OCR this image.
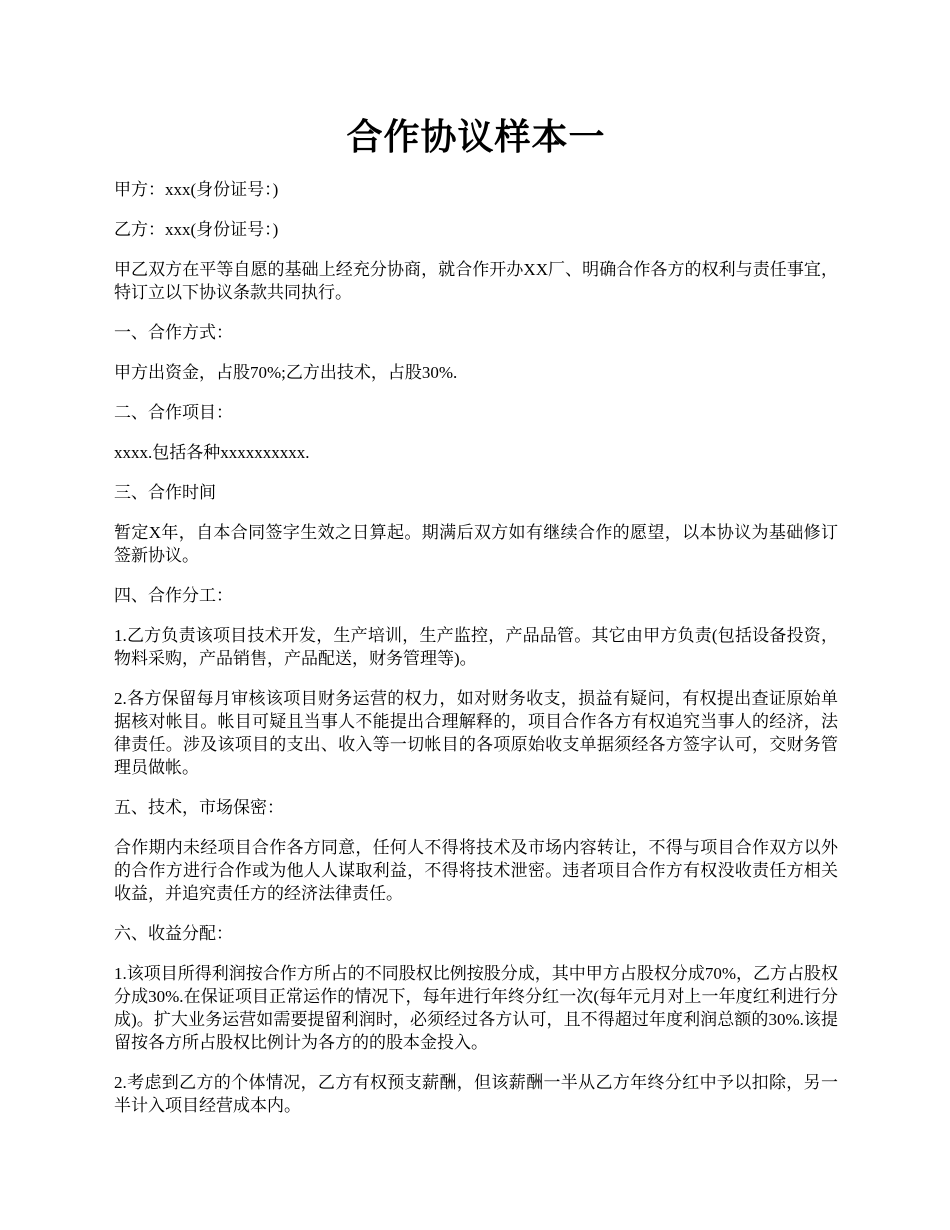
合作协议样本一

甲方：xxx(身份证号：)

乙方：xxx(身份证号：)

甲乙双方在平等自愿的基础上经充分协商，就合作开办XX厂、明确合作各方的权利与责任事宜，特订立以下协议条款共同执行。

一、合作方式：

甲方出资金，占股70%;乙方出技术，占股30%.

二、合作项目：

xxxx.包括各种xxxxxxxxxx.

三、合作时间

暂定X年，自本合同签字生效之日算起。期满后双方如有继续合作的愿望，以本协议为基础修订签新协议。

四、合作分工：

1.乙方负责该项目技术开发，生产培训，生产监控，产品品管。其它由甲方负责(包括设备投资，物料采购，产品销售，产品配送，财务管理等)。

2.各方保留每月审核该项目财务运营的权力，如对财务收支，损益有疑问，有权提出查证原始单据核对帐目。帐目可疑且当事人不能提出合理解释的，项目合作各方有权追究当事人的经济，法律责任。涉及该项目的支出、收入等一切帐目的各项原始收支单据须经各方签字认可，交财务管理员做帐。

五、技术，市场保密：

合作期内未经项目合作各方同意，任何人不得将技术及市场内容转让，不得与项目合作双方以外的合作方进行合作或为他人人谋取利益，不得将技术泄密。违者项目合作方有权没收责任方相关收益，并追究责任方的经济法律责任。

六、收益分配：

1.该项目所得利润按合作方所占的不同股权比例按股分成，其中甲方占股权分成70%，乙方占股权分成30%.在保证项目正常运作的情况下，每年进行年终分红一次(每年元月对上一年度红利进行分成)。扩大业务运营如需要提留利润时，必须经过各方认可，且不得超过年度利润总额的30%.该提留按各方所占股权比例计为各方的的股本金投入。

2.考虑到乙方的个体情况，乙方有权预支薪酬，但该薪酬一半从乙方年终分红中予以扣除，另一半计入项目经营成本内。
